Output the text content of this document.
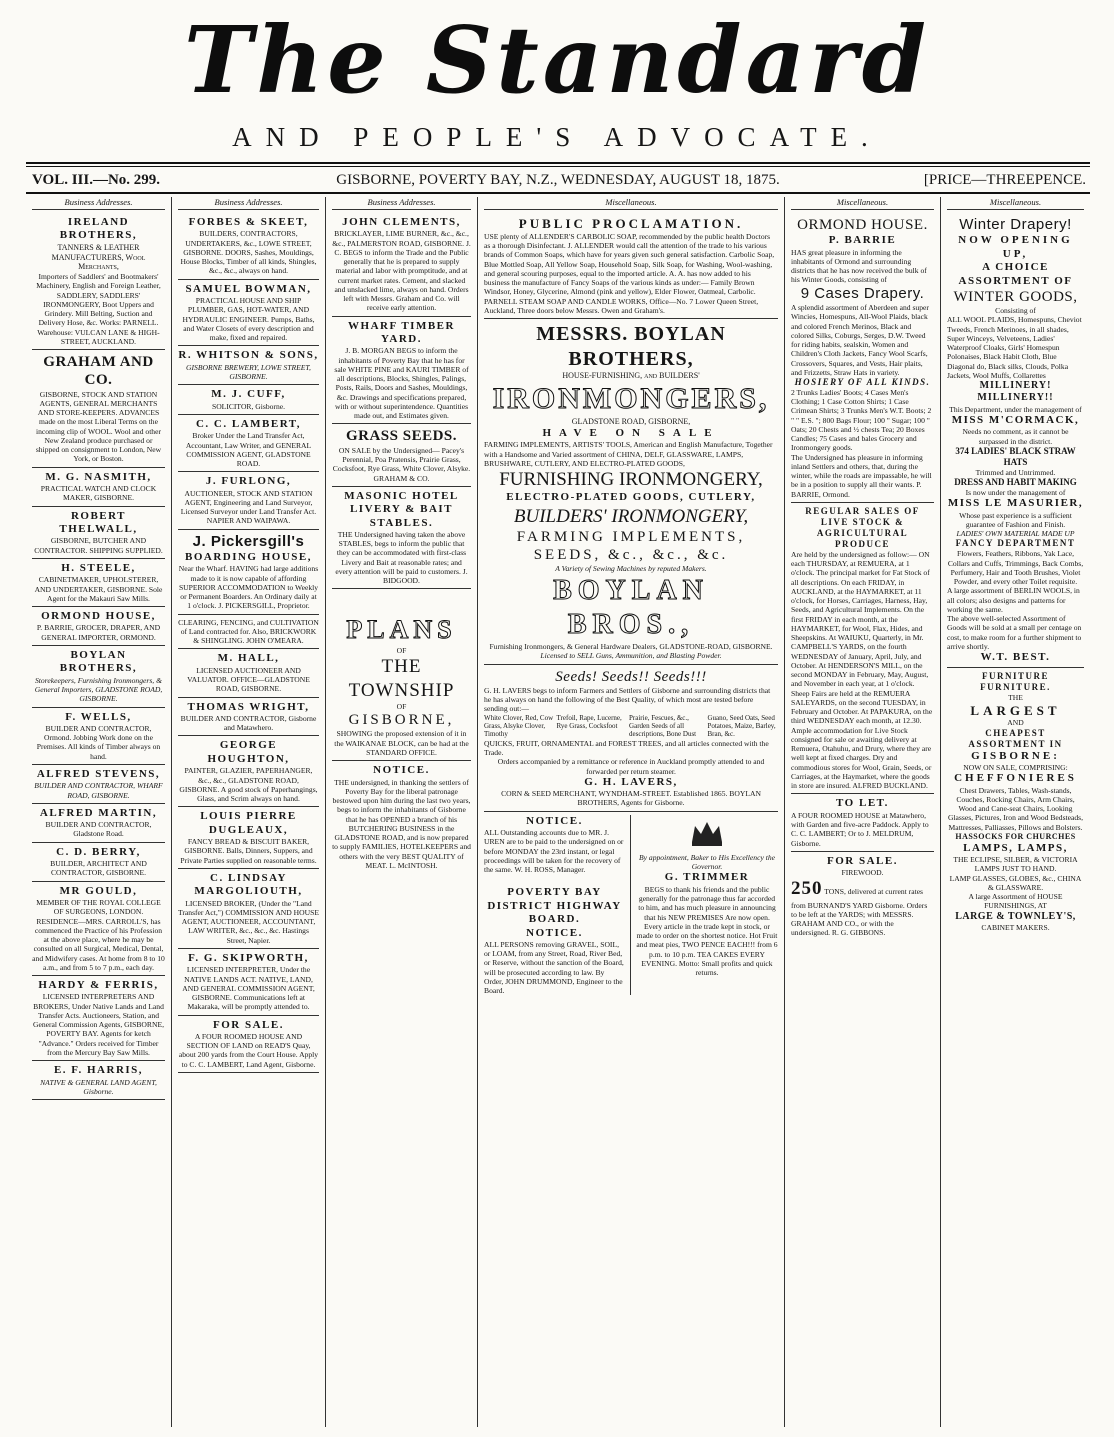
The Standard
AND PEOPLE'S ADVOCATE.
VOL. III.—No. 299.	GISBORNE, POVERTY BAY, N.Z., WEDNESDAY, AUGUST 18, 1875.	[PRICE—THREEPENCE.
Business Addresses.

IRELAND BROTHERS,

TANNERS & LEATHER MANUFACTURERS, Wool Merchants,

Importers of Saddlers' and Bootmakers' Machinery, English and Foreign Leather, SADDLERY, SADDLERS' IRONMONGERY, Boot Uppers and Grindery. Mill Belting, Suction and Delivery Hose, &c. Works: PARNELL. Warehouse: VULCAN LANE & HIGH-STREET, AUCKLAND.

GRAHAM AND CO.

GISBORNE, STOCK AND STATION AGENTS, GENERAL MERCHANTS AND STORE-KEEPERS. ADVANCES made on the most Liberal Terms on the incoming clip of WOOL. Wool and other New Zealand produce purchased or shipped on consignment to London, New York, or Boston.

M. G. NASMITH,

PRACTICAL WATCH AND CLOCK MAKER, GISBORNE.

ROBERT THELWALL,

GISBORNE, BUTCHER AND CONTRACTOR. SHIPPING SUPPLIED.

H. STEELE,

CABINETMAKER, UPHOLSTERER, AND UNDERTAKER, GISBORNE. Sole Agent for the Makauri Saw Mills.

ORMOND HOUSE,

P. BARRIE, GROCER, DRAPER, AND GENERAL IMPORTER, ORMOND.

BOYLAN BROTHERS,

Storekeepers, Furnishing Ironmongers, & General Importers, GLADSTONE ROAD, GISBORNE.

F. WELLS,

BUILDER AND CONTRACTOR, Ormond. Jobbing Work done on the Premises. All kinds of Timber always on hand.

ALFRED STEVENS,

BUILDER AND CONTRACTOR, WHARF ROAD, GISBORNE.

ALFRED MARTIN,

BUILDER AND CONTRACTOR, Gladstone Road.

C. D. BERRY,

BUILDER, ARCHITECT AND CONTRACTOR, GISBORNE.

MR GOULD,

MEMBER OF THE ROYAL COLLEGE OF SURGEONS, LONDON. RESIDENCE—MRS. CARROLL'S, has commenced the Practice of his Profession at the above place, where he may be consulted on all Surgical, Medical, Dental, and Midwifery cases. At home from 8 to 10 a.m., and from 5 to 7 p.m., each day.

HARDY & FERRIS,

LICENSED INTERPRETERS AND BROKERS, Under Native Lands and Land Transfer Acts. Auctioneers, Station, and General Commission Agents, GISBORNE, POVERTY BAY. Agents for ketch "Advance." Orders received for Timber from the Mercury Bay Saw Mills.

E. F. HARRIS,

NATIVE & GENERAL LAND AGENT, Gisborne.

Business Addresses.

FORBES & SKEET,

BUILDERS, CONTRACTORS, UNDERTAKERS, &c., LOWE STREET, GISBORNE. DOORS, Sashes, Mouldings, House Blocks, Timber of all kinds, Shingles, &c., &c., always on hand.

SAMUEL BOWMAN,

PRACTICAL HOUSE AND SHIP PLUMBER, GAS, HOT-WATER, AND HYDRAULIC ENGINEER. Pumps, Baths, and Water Closets of every description and make, fixed and repaired.

R. WHITSON & SONS,

GISBORNE BREWERY, LOWE STREET, GISBORNE.

M. J. CUFF,

SOLICITOR, Gisborne.

C. C. LAMBERT,

Broker Under the Land Transfer Act, Accountant, Law Writer, and GENERAL COMMISSION AGENT, GLADSTONE ROAD.

J. FURLONG,

AUCTIONEER, STOCK AND STATION AGENT, Engineering and Land Surveyor, Licensed Surveyor under Land Transfer Act. NAPIER AND WAIPAWA.

J. Pickersgill's

BOARDING HOUSE,

Near the Wharf. HAVING had large additions made to it is now capable of affording SUPERIOR ACCOMMODATION to Weekly or Permanent Boarders. An Ordinary daily at 1 o'clock. J. PICKERSGILL, Proprietor.

CLEARING, FENCING, and CULTIVATION of Land contracted for. Also, BRICKWORK & SHINGLING. JOHN O'MEARA.

M. HALL,

LICENSED AUCTIONEER AND VALUATOR. OFFICE—GLADSTONE ROAD, GISBORNE.

THOMAS WRIGHT,

BUILDER AND CONTRACTOR, Gisborne and Matawhero.

GEORGE HOUGHTON,

PAINTER, GLAZIER, PAPERHANGER, &c., &c., GLADSTONE ROAD, GISBORNE. A good stock of Paperhangings, Glass, and Scrim always on hand.

LOUIS PIERRE DUGLEAUX,

FANCY BREAD & BISCUIT BAKER, GISBORNE. Balls, Dinners, Suppers, and Private Parties supplied on reasonable terms.

C. LINDSAY MARGOLIOUTH,

LICENSED BROKER, (Under the "Land Transfer Act,") COMMISSION AND HOUSE AGENT, AUCTIONEER, ACCOUNTANT, LAW WRITER, &c., &c., &c. Hastings Street, Napier.

F. G. SKIPWORTH,

LICENSED INTERPRETER, Under the NATIVE LANDS ACT. NATIVE, LAND, AND GENERAL COMMISSION AGENT, GISBORNE. Communications left at Makaraka, will be promptly attended to.

FOR SALE.

A FOUR ROOMED HOUSE AND SECTION OF LAND on READ'S Quay, about 200 yards from the Court House. Apply to C. C. LAMBERT, Land Agent, Gisborne.

Business Addresses.

JOHN CLEMENTS,

BRICKLAYER, LIME BURNER, &c., &c., &c., PALMERSTON ROAD, GISBORNE. J. C. BEGS to inform the Trade and the Public generally that he is prepared to supply material and labor with promptitude, and at current market rates. Cement, and slacked and unslacked lime, always on hand. Orders left with Messrs. Graham and Co. will receive early attention.

WHARF TIMBER YARD.

J. B. MORGAN BEGS to inform the inhabitants of Poverty Bay that he has for sale WHITE PINE and KAURI TIMBER of all descriptions, Blocks, Shingles, Palings, Posts, Rails, Doors and Sashes, Mouldings, &c. Drawings and specifications prepared, with or without superintendence. Quantities made out, and Estimates given.

GRASS SEEDS.

ON SALE by the Undersigned— Pacey's Perennial, Poa Pratensis, Prairie Grass, Cocksfoot, Rye Grass, White Clover, Alsyke. GRAHAM & CO.

MASONIC HOTEL

LIVERY & BAIT STABLES.

THE Undersigned having taken the above STABLES, begs to inform the public that they can be accommodated with first-class Livery and Bait at reasonable rates; and every attention will be paid to customers. J. BIDGOOD.

PLANS

OF

THE TOWNSHIP

OF

GISBORNE,

SHOWING the proposed extension of it in the WAIKANAE BLOCK, can be had at the STANDARD OFFICE.

NOTICE.

THE undersigned, in thanking the settlers of Poverty Bay for the liberal patronage bestowed upon him during the last two years, begs to inform the inhabitants of Gisborne that he has OPENED a branch of his BUTCHERING BUSINESS in the GLADSTONE ROAD, and is now prepared to supply FAMILIES, HOTELKEEPERS and others with the very BEST QUALITY of MEAT. L. McINTOSH.

Miscellaneous.

PUBLIC PROCLAMATION.

USE plenty of ALLENDER'S CARBOLIC SOAP, recommended by the public health Doctors as a thorough Disinfectant. J. ALLENDER would call the attention of the trade to his various brands of Common Soaps, which have for years given such general satisfaction. Carbolic Soap, Blue Mottled Soap, All Yellow Soap, Household Soap, Silk Soap, for Washing, Wool-washing, and general scouring purposes, equal to the imported article. A. A. has now added to his business the manufacture of Fancy Soaps of the various kinds as under:— Family Brown Windsor, Honey, Glycerine, Almond (pink and yellow), Elder Flower, Oatmeal, Carbolic. PARNELL STEAM SOAP AND CANDLE WORKS, Office—No. 7 Lower Queen Street, Auckland, Three doors below Messrs. Owen and Graham's.

MESSRS. BOYLAN BROTHERS,

HOUSE-FURNISHING, and BUILDERS'

IRONMONGERS,

GLADSTONE ROAD, GISBORNE,

HAVE ON SALE

FARMING IMPLEMENTS, ARTISTS' TOOLS, American and English Manufacture, Together with a Handsome and Varied assortment of CHINA, DELF, GLASSWARE, LAMPS, BRUSHWARE, CUTLERY, AND ELECTRO-PLATED GOODS,

FURNISHING IRONMONGERY,

ELECTRO-PLATED GOODS, CUTLERY,

BUILDERS' IRONMONGERY,

FARMING IMPLEMENTS, SEEDS, &c., &c., &c.

A Variety of Sewing Machines by reputed Makers.

BOYLAN BROS.,

Furnishing Ironmongers, & General Hardware Dealers, GLADSTONE-ROAD, GISBORNE.

Licensed to SELL Guns, Ammunition, and Blasting Powder.

Seeds! Seeds!! Seeds!!!

G. H. LAVERS begs to inform Farmers and Settlers of Gisborne and surrounding districts that he has always on hand the following of the Best Quality, of which most are tested before sending out:—

White Clover, Red, Cow Grass, Alsyke Clover, Timothy
Trefoil, Rape, Lucerne, Rye Grass, Cocksfoot
Prairie, Fescues, &c., Garden Seeds of all descriptions, Bone Dust
Guano, Seed Oats, Seed Potatoes, Maize, Barley, Bran, &c.

QUICKS, FRUIT, ORNAMENTAL and FOREST TREES, and all articles connected with the Trade.

Orders accompanied by a remittance or reference in Auckland promptly attended to and forwarded per return steamer.

G. H. LAVERS,

CORN & SEED MERCHANT, WYNDHAM-STREET. Established 1865. BOYLAN BROTHERS, Agents for Gisborne.

NOTICE.

ALL Outstanding accounts due to MR. J. UREN are to be paid to the undersigned on or before MONDAY the 23rd instant, or legal proceedings will be taken for the recovery of the same. W. H. ROSS, Manager.

POVERTY BAY DISTRICT HIGHWAY BOARD.

NOTICE.

ALL PERSONS removing GRAVEL, SOIL, or LOAM, from any Street, Road, River Bed, or Reserve, without the sanction of the Board, will be prosecuted according to law. By Order, JOHN DRUMMOND, Engineer to the Board.

By appointment, Baker to His Excellency the Governor.

G. TRIMMER

BEGS to thank his friends and the public generally for the patronage thus far accorded to him, and has much pleasure in announcing that his NEW PREMISES Are now open. Every article in the trade kept in stock, or made to order on the shortest notice. Hot Fruit and meat pies, TWO PENCE EACH!!! from 6 p.m. to 10 p.m. TEA CAKES EVERY EVENING. Motto: Small profits and quick returns.

Miscellaneous.

ORMOND HOUSE.

P. BARRIE

HAS great pleasure in informing the inhabitants of Ormond and surrounding districts that he has now received the bulk of his Winter Goods, consisting of

9 Cases Drapery.

A splendid assortment of Aberdeen and super Wincies, Homespuns, All-Wool Plaids, black and colored French Merinos, Black and colored Silks, Coburgs, Serges, D.W. Tweed for riding habits, sealskin, Women and Children's Cloth Jackets, Fancy Wool Scarfs, Crossovers, Squares, and Vests, Hair plaits, and Frizzetts, Straw Hats in variety.

HOSIERY OF ALL KINDS.

2 Trunks Ladies' Boots; 4 Cases Men's Clothing; 1 Case Cotton Shirts; 1 Case Crimean Shirts; 3 Trunks Men's W.T. Boots; 2 " " E.S. "; 800 Bags Flour; 100 " Sugar; 100 " Oats; 20 Chests and ½ chests Tea; 20 Boxes Candles; 75 Cases and bales Grocery and Ironmongery goods.

The Undersigned has pleasure in informing inland Settlers and others, that, during the winter, while the roads are impassable, he will be in a position to supply all their wants. P. BARRIE, Ormond.

REGULAR SALES OF LIVE STOCK & AGRICULTURAL PRODUCE

Are held by the undersigned as follow:— ON each THURSDAY, at REMUERA, at 1 o'clock. The principal market for Fat Stock of all descriptions. On each FRIDAY, in AUCKLAND, at the HAYMARKET, at 11 o'clock, for Horses, Carriages, Harness, Hay, Seeds, and Agricultural Implements. On the first FRIDAY in each month, at the HAYMARKET, for Wool, Flax, Hides, and Sheepskins. At WAIUKU, Quarterly, in Mr. CAMPBELL'S YARDS, on the fourth WEDNESDAY of January, April, July, and October. At HENDERSON'S MILL, on the second MONDAY in February, May, August, and November in each year, at 1 o'clock. Sheep Fairs are held at the REMUERA SALEYARDS, on the second TUESDAY, in February and October. At PAPAKURA, on the third WEDNESDAY each month, at 12.30. Ample accommodation for Live Stock consigned for sale or awaiting delivery at Remuera, Otahuhu, and Drury, where they are well kept at fixed charges. Dry and commodious stores for Wool, Grain, Seeds, or Carriages, at the Haymarket, where the goods in store are insured. ALFRED BUCKLAND.

TO LET.

A FOUR ROOMED HOUSE at Matawhero, with Garden and five-acre Paddock. Apply to C. C. LAMBERT; Or to J. MELDRUM, Gisborne.

FOR SALE.

FIREWOOD.

250 TONS, delivered at current rates from BURNAND'S YARD Gisborne. Orders to be left at the YARDS; with MESSRS. GRAHAM AND CO., or with the undersigned. R. G. GIBBONS.

Miscellaneous.

Winter Drapery!

NOW OPENING UP,

A CHOICE ASSORTMENT OF

WINTER GOODS,

Consisting of

ALL WOOL PLAIDS, Homespuns, Cheviot Tweeds, French Merinoes, in all shades, Super Winceys, Velveteens, Ladies' Waterproof Cloaks, Girls' Homespun Polonaises, Black Habit Cloth, Blue Diagonal do, Black silks, Clouds, Polka Jackets, Wool Muffs, Collarettes

MILLINERY! MILLINERY!!

This Department, under the management of

MISS M'CORMACK,

Needs no comment, as it cannot be surpassed in the district.

374 LADIES' BLACK STRAW HATS

Trimmed and Untrimmed.

DRESS AND HABIT MAKING

Is now under the management of

MISS LE MASURIER,

Whose past experience is a sufficient guarantee of Fashion and Finish.

LADIES' OWN MATERIAL MADE UP

FANCY DEPARTMENT

Flowers, Feathers, Ribbons, Yak Lace, Collars and Cuffs, Trimmings, Back Combs, Perfumery, Hair and Tooth Brushes, Violet Powder, and every other Toilet requisite.

A large assortment of BERLIN WOOLS, in all colors; also designs and patterns for working the same.

The above well-selected Assortment of Goods will be sold at a small per centage on cost, to make room for a further shipment to arrive shortly.

W.T. BEST.

FURNITURE FURNITURE.

THE

LARGEST

AND

CHEAPEST ASSORTMENT IN

GISBORNE:

NOW ON SALE, COMPRISING:

CHEFFONIERES

Chest Drawers, Tables, Wash-stands, Couches, Rocking Chairs, Arm Chairs, Wood and Cane-seat Chairs, Looking Glasses, Pictures, Iron and Wood Bedsteads, Mattresses, Palliasses, Pillows and Bolsters.

HASSOCKS FOR CHURCHES

LAMPS, LAMPS,

THE ECLIPSE, SILBER, & VICTORIA LAMPS JUST TO HAND.

LAMP GLASSES, GLOBES, &c., CHINA & GLASSWARE.

A large Assortment of HOUSE FURNISHINGS, AT

LARGE & TOWNLEY'S,

CABINET MAKERS.
